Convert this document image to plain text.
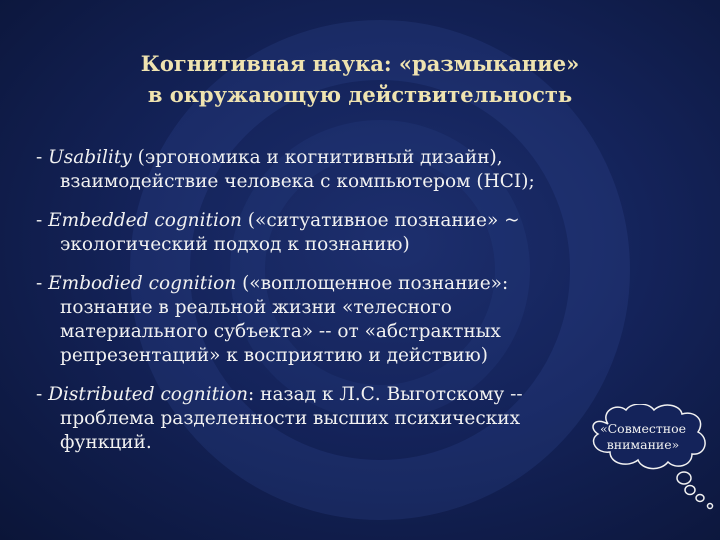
Когнитивная наука: «размыкание»
в окружающую действительность
- Usability (эргономика и когнитивный дизайн), взаимодействие человека с компьютером (HCI);
- Embedded cognition («ситуативное познание» ~ экологический подход к познанию)
- Embodied cognition («воплощенное познание»: познание в реальной жизни «телесного материального субъекта» -- от «абстрактных репрезентаций» к восприятию и действию)
- Distributed cognition: назад к Л.С. Выготскому -- проблема разделенности высших психических функций.
«Совместное
внимание»
